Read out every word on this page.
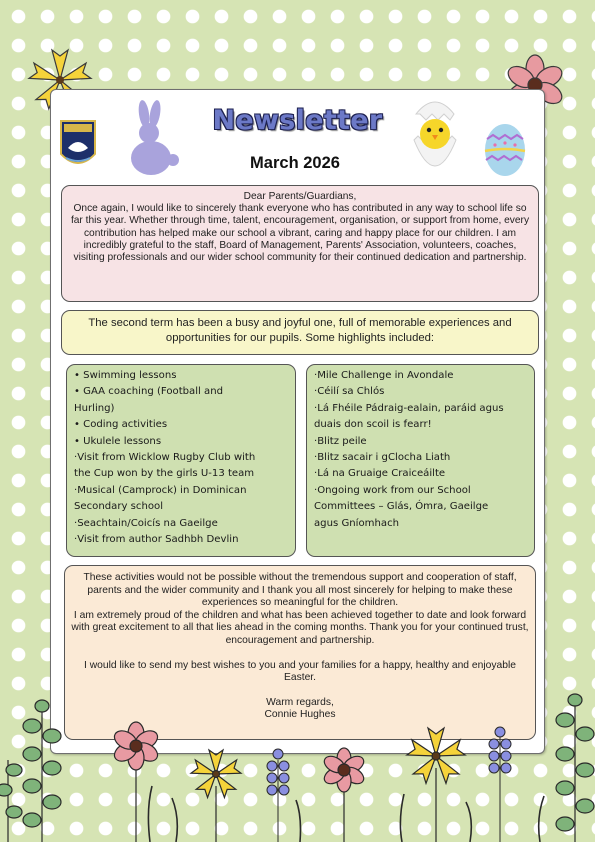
Newsletter
March 2026
Dear Parents/Guardians,
Once again, I would like to sincerely thank everyone who has contributed in any way to school life so far this year. Whether through time, talent, encouragement, organisation, or support from home, every contribution has helped make our school a vibrant, caring and happy place for our children. I am incredibly grateful to the staff, Board of Management, Parents' Association, volunteers, coaches, visiting professionals and our wider school community for their continued dedication and partnership.
The second term has been a busy and joyful one, full of memorable experiences and opportunities for our pupils. Some highlights included:
• Swimming lessons
• GAA coaching (Football and
Hurling)
• Coding activities
• Ukulele lessons
·Visit from Wicklow Rugby Club with
the Cup won by the girls U-13 team
·Musical (Camprock) in Dominican
Secondary school
·Seachtain/Coicís na Gaeilge
·Visit from author Sadhbh Devlin
·Mile Challenge in Avondale
·Céilí sa Chlós
·Lá Fhéile Pádraig-ealain, paráid agus
duais don scoil is fearr!
·Blitz peile
·Blitz sacair i gClocha Liath
·Lá na Gruaige Craiceáilte
·Ongoing work from our School
Committees – Glás, Ómra, Gaeilge
agus Gníomhach

These activities would not be possible without the tremendous support and cooperation of staff, parents and the wider community and I thank you all most sincerely for helping to make these experiences so meaningful for the children.

I am extremely proud of the children and what has been achieved together to date and look forward with great excitement to all that lies ahead in the coming months. Thank you for your continued trust, encouragement and partnership.

I would like to send my best wishes to you and your families for a happy, healthy and enjoyable Easter.

Warm regards,

Connie Hughes
